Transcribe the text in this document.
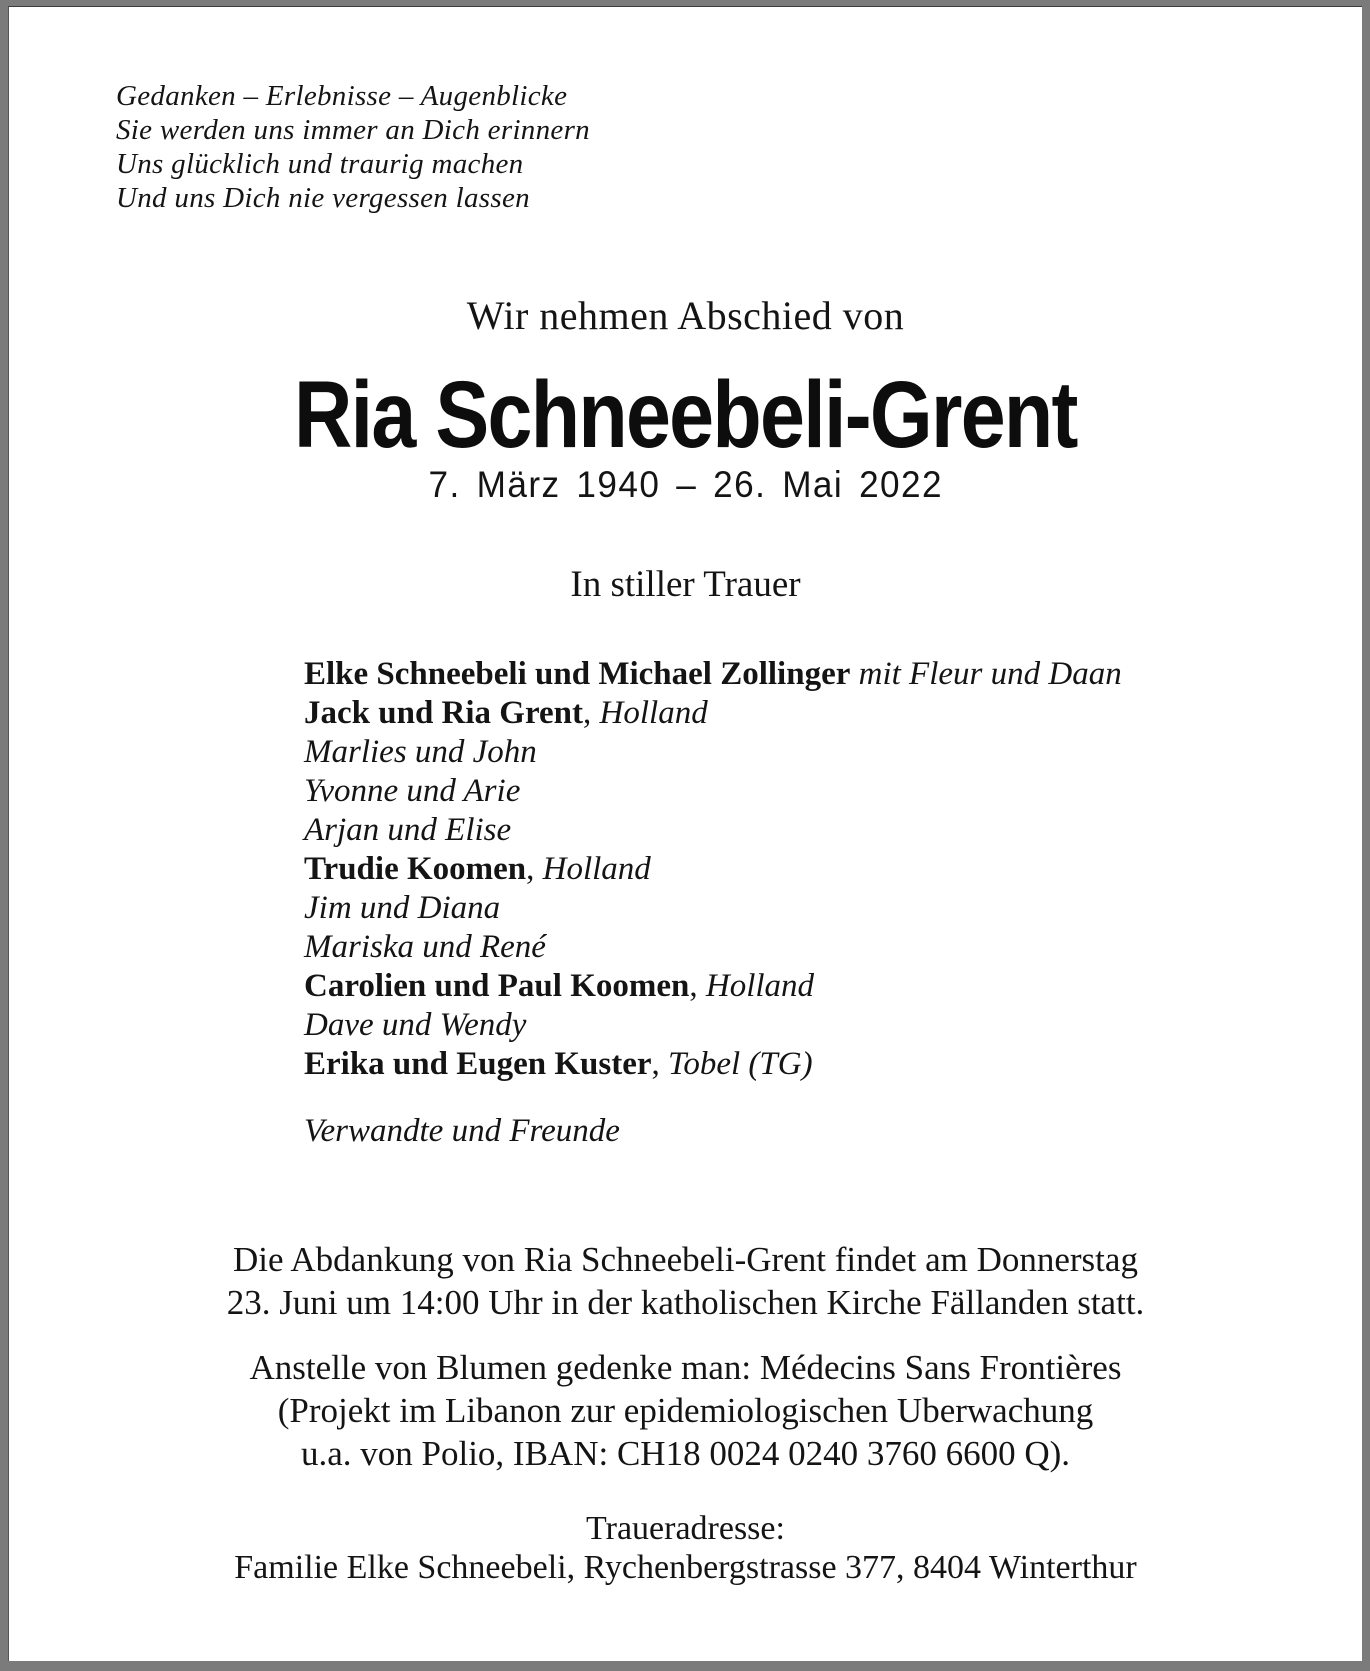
Gedanken – Erlebnisse – Augenblicke
Sie werden uns immer an Dich erinnern
Uns glücklich und traurig machen
Und uns Dich nie vergessen lassen
Wir nehmen Abschied von
Ria Schneebeli-Grent
7. März 1940 – 26. Mai 2022
In stiller Trauer
Elke Schneebeli und Michael Zollinger mit Fleur und Daan
Jack und Ria Grent, Holland
Marlies und John
Yvonne und Arie
Arjan und Elise
Trudie Koomen, Holland
Jim und Diana
Mariska und René
Carolien und Paul Koomen, Holland
Dave und Wendy
Erika und Eugen Kuster, Tobel (TG)
Verwandte und Freunde
Die Abdankung von Ria Schneebeli-Grent findet am Donnerstag
23. Juni um 14:00 Uhr in der katholischen Kirche Fällanden statt.
Anstelle von Blumen gedenke man: Médecins Sans Frontières
(Projekt im Libanon zur epidemiologischen Uberwachung
u.a. von Polio, IBAN: CH18 0024 0240 3760 6600 Q).
Traueradresse:
Familie Elke Schneebeli, Rychenbergstrasse 377, 8404 Winterthur
